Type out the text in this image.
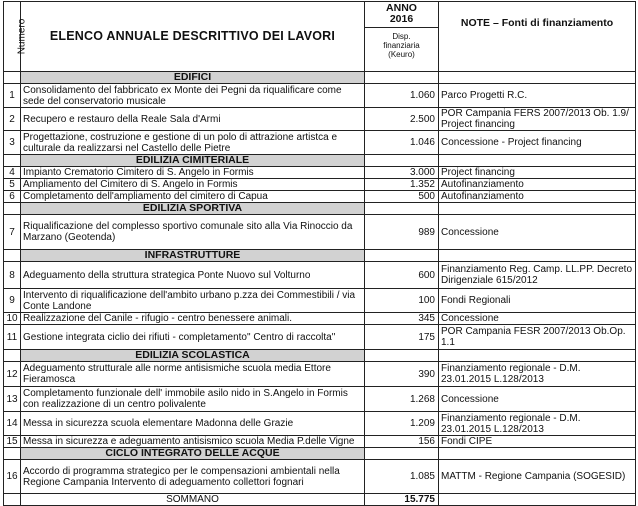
Numero	ELENCO ANNUALE DESCRITTIVO DEI LAVORI	ANNO
2016
Disp.
finanziaria
(Keuro)	NOTE – Fonti di finanziamento
	EDIFICI		
1	Consolidamento del fabbricato ex Monte dei Pegni da riqualificare come sede del conservatorio musicale	1.060	Parco Progetti R.C.
2	Recupero e restauro della Reale Sala d'Armi	2.500	POR Campania FERS 2007/2013 Ob. 1.9/ Project financing
3	Progettazione, costruzione e gestione di un polo di attrazione artistca e culturale da realizzarsi nel Castello delle Pietre	1.046	Concessione - Project financing
	EDILIZIA CIMITERIALE		
4	Impianto Crematorio Cimitero di S. Angelo in Formis	3.000	Project financing
5	Ampliamento del Cimitero di S. Angelo in Formis	1.352	Autofinanziamento
6	Completamento dell'ampliamento del cimitero di Capua	500	Autofinanziamento
	EDILIZIA SPORTIVA		
7	Riqualificazione del complesso sportivo comunale sito alla Via Rinoccio da Marzano (Geotenda)	989	Concessione
	INFRASTRUTTURE		
8	Adeguamento della struttura strategica Ponte Nuovo sul Volturno	600	Finanziamento Reg. Camp. LL.PP. Decreto Dirigenziale 615/2012
9	Intervento di riqualificazione dell'ambito urbano p.zza dei Commestibili / via Conte Landone	100	Fondi Regionali
10	Realizzazione del Canile - rifugio - centro benessere animali.	345	Concessione
11	Gestione integrata ciclio dei rifiuti - completamento" Centro di raccolta"	175	POR Campania FESR 2007/2013 Ob.Op. 1.1
	EDILIZIA SCOLASTICA		
12	Adeguamento strutturale alle norme antisismiche scuola media Ettore Fieramosca	390	Finanziamento regionale - D.M. 23.01.2015 L.128/2013
13	Completamento funzionale dell' immobile asilo nido in S.Angelo in Formis con realizzazione di un centro polivalente	1.268	Concessione
14	Messa in sicurezza scuola elementare Madonna delle Grazie	1.209	Finanziamento regionale - D.M. 23.01.2015 L.128/2013
15	Messa in sicurezza e adeguamento antisismico scuola Media P.delle Vigne	156	Fondi CIPE
	CICLO INTEGRATO DELLE ACQUE		
16	Accordo di programma strategico per le compensazioni ambientali nella Regione Campania Intervento di adeguamento collettori fognari	1.085	MATTM - Regione Campania (SOGESID)
	SOMMANO	15.775	
